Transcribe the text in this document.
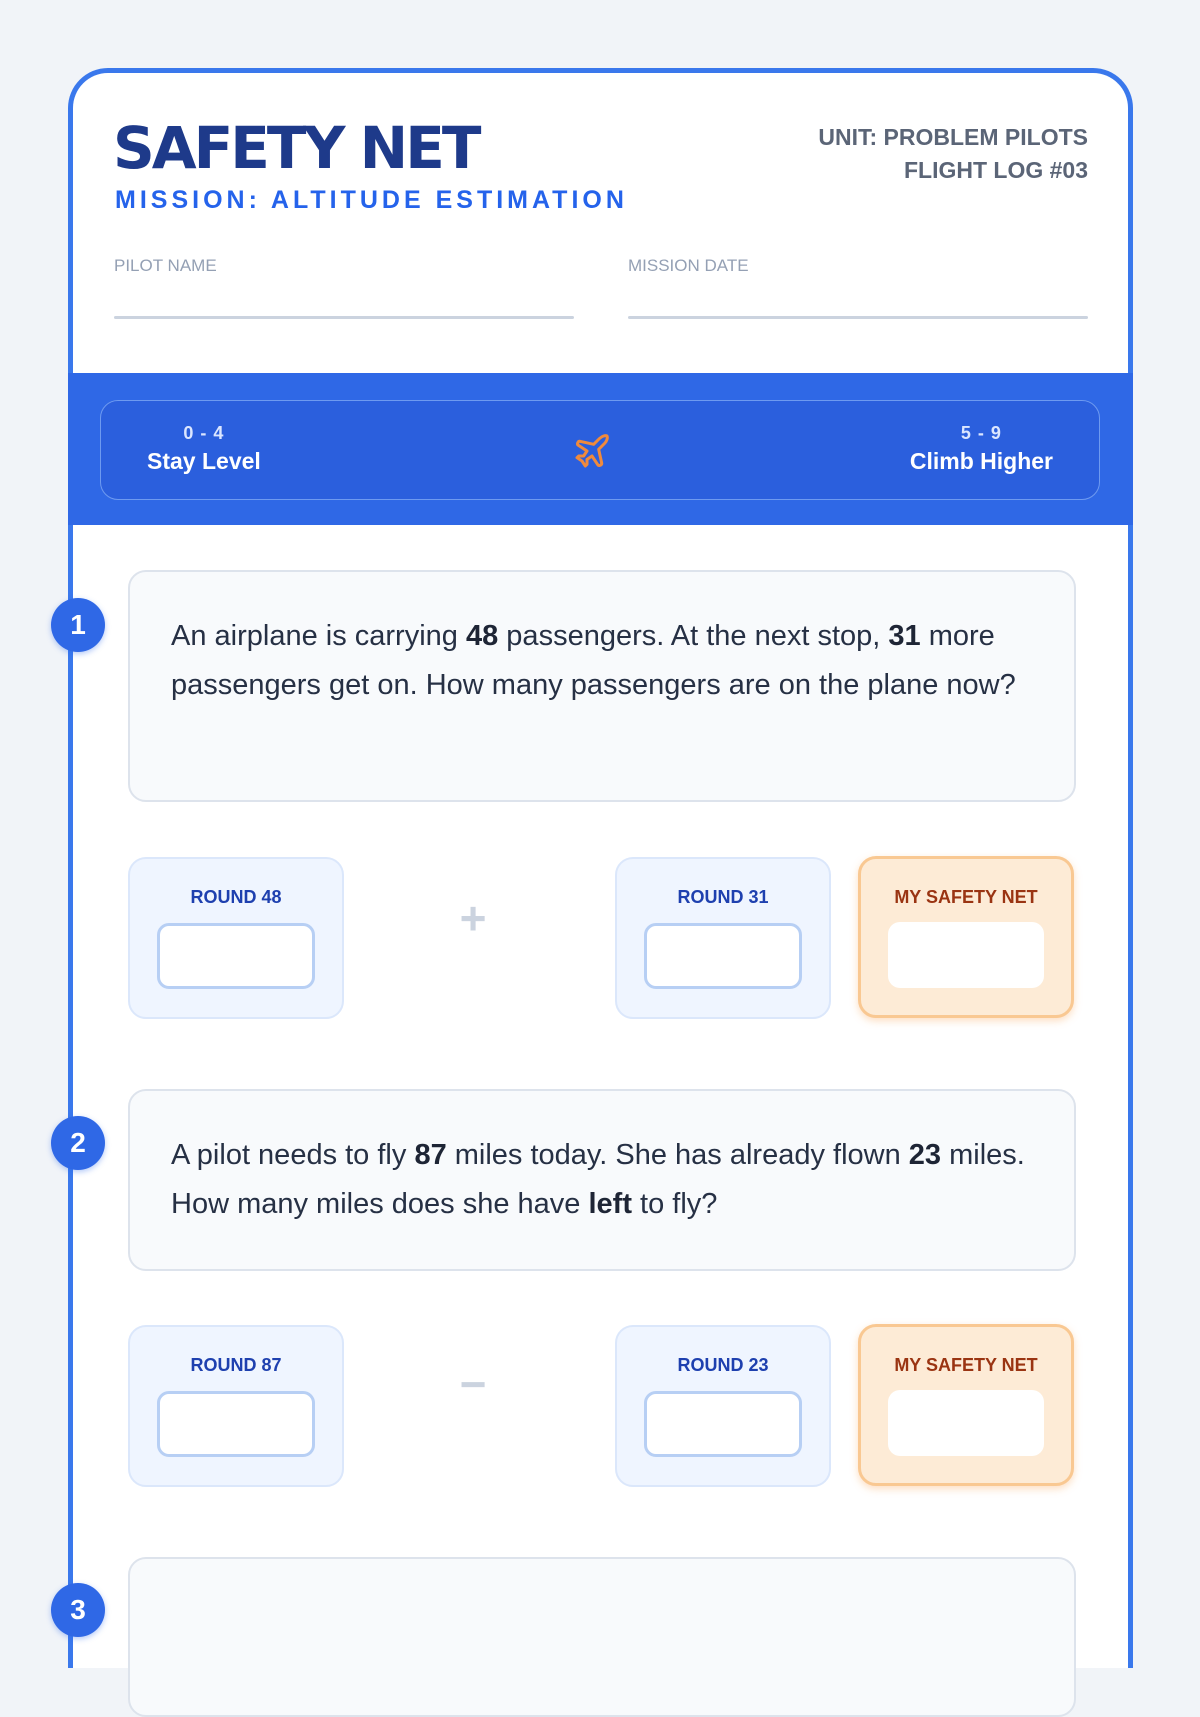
SAFETY NET
MISSION: ALTITUDE ESTIMATION
UNIT: PROBLEM PILOTS
FLIGHT LOG #03
PILOT NAME	MISSION DATE
0 - 4
Stay Level
5 - 9
Climb Higher
1	An airplane is carrying 48 passengers. At the next stop, 31 more passengers get on. How many passengers are on the plane now?
ROUND 48	+	ROUND 31	MY SAFETY NET
2	A pilot needs to fly 87 miles today. She has already flown 23 miles. How many miles does she have left to fly?
ROUND 87	−	ROUND 23	MY SAFETY NET
3
